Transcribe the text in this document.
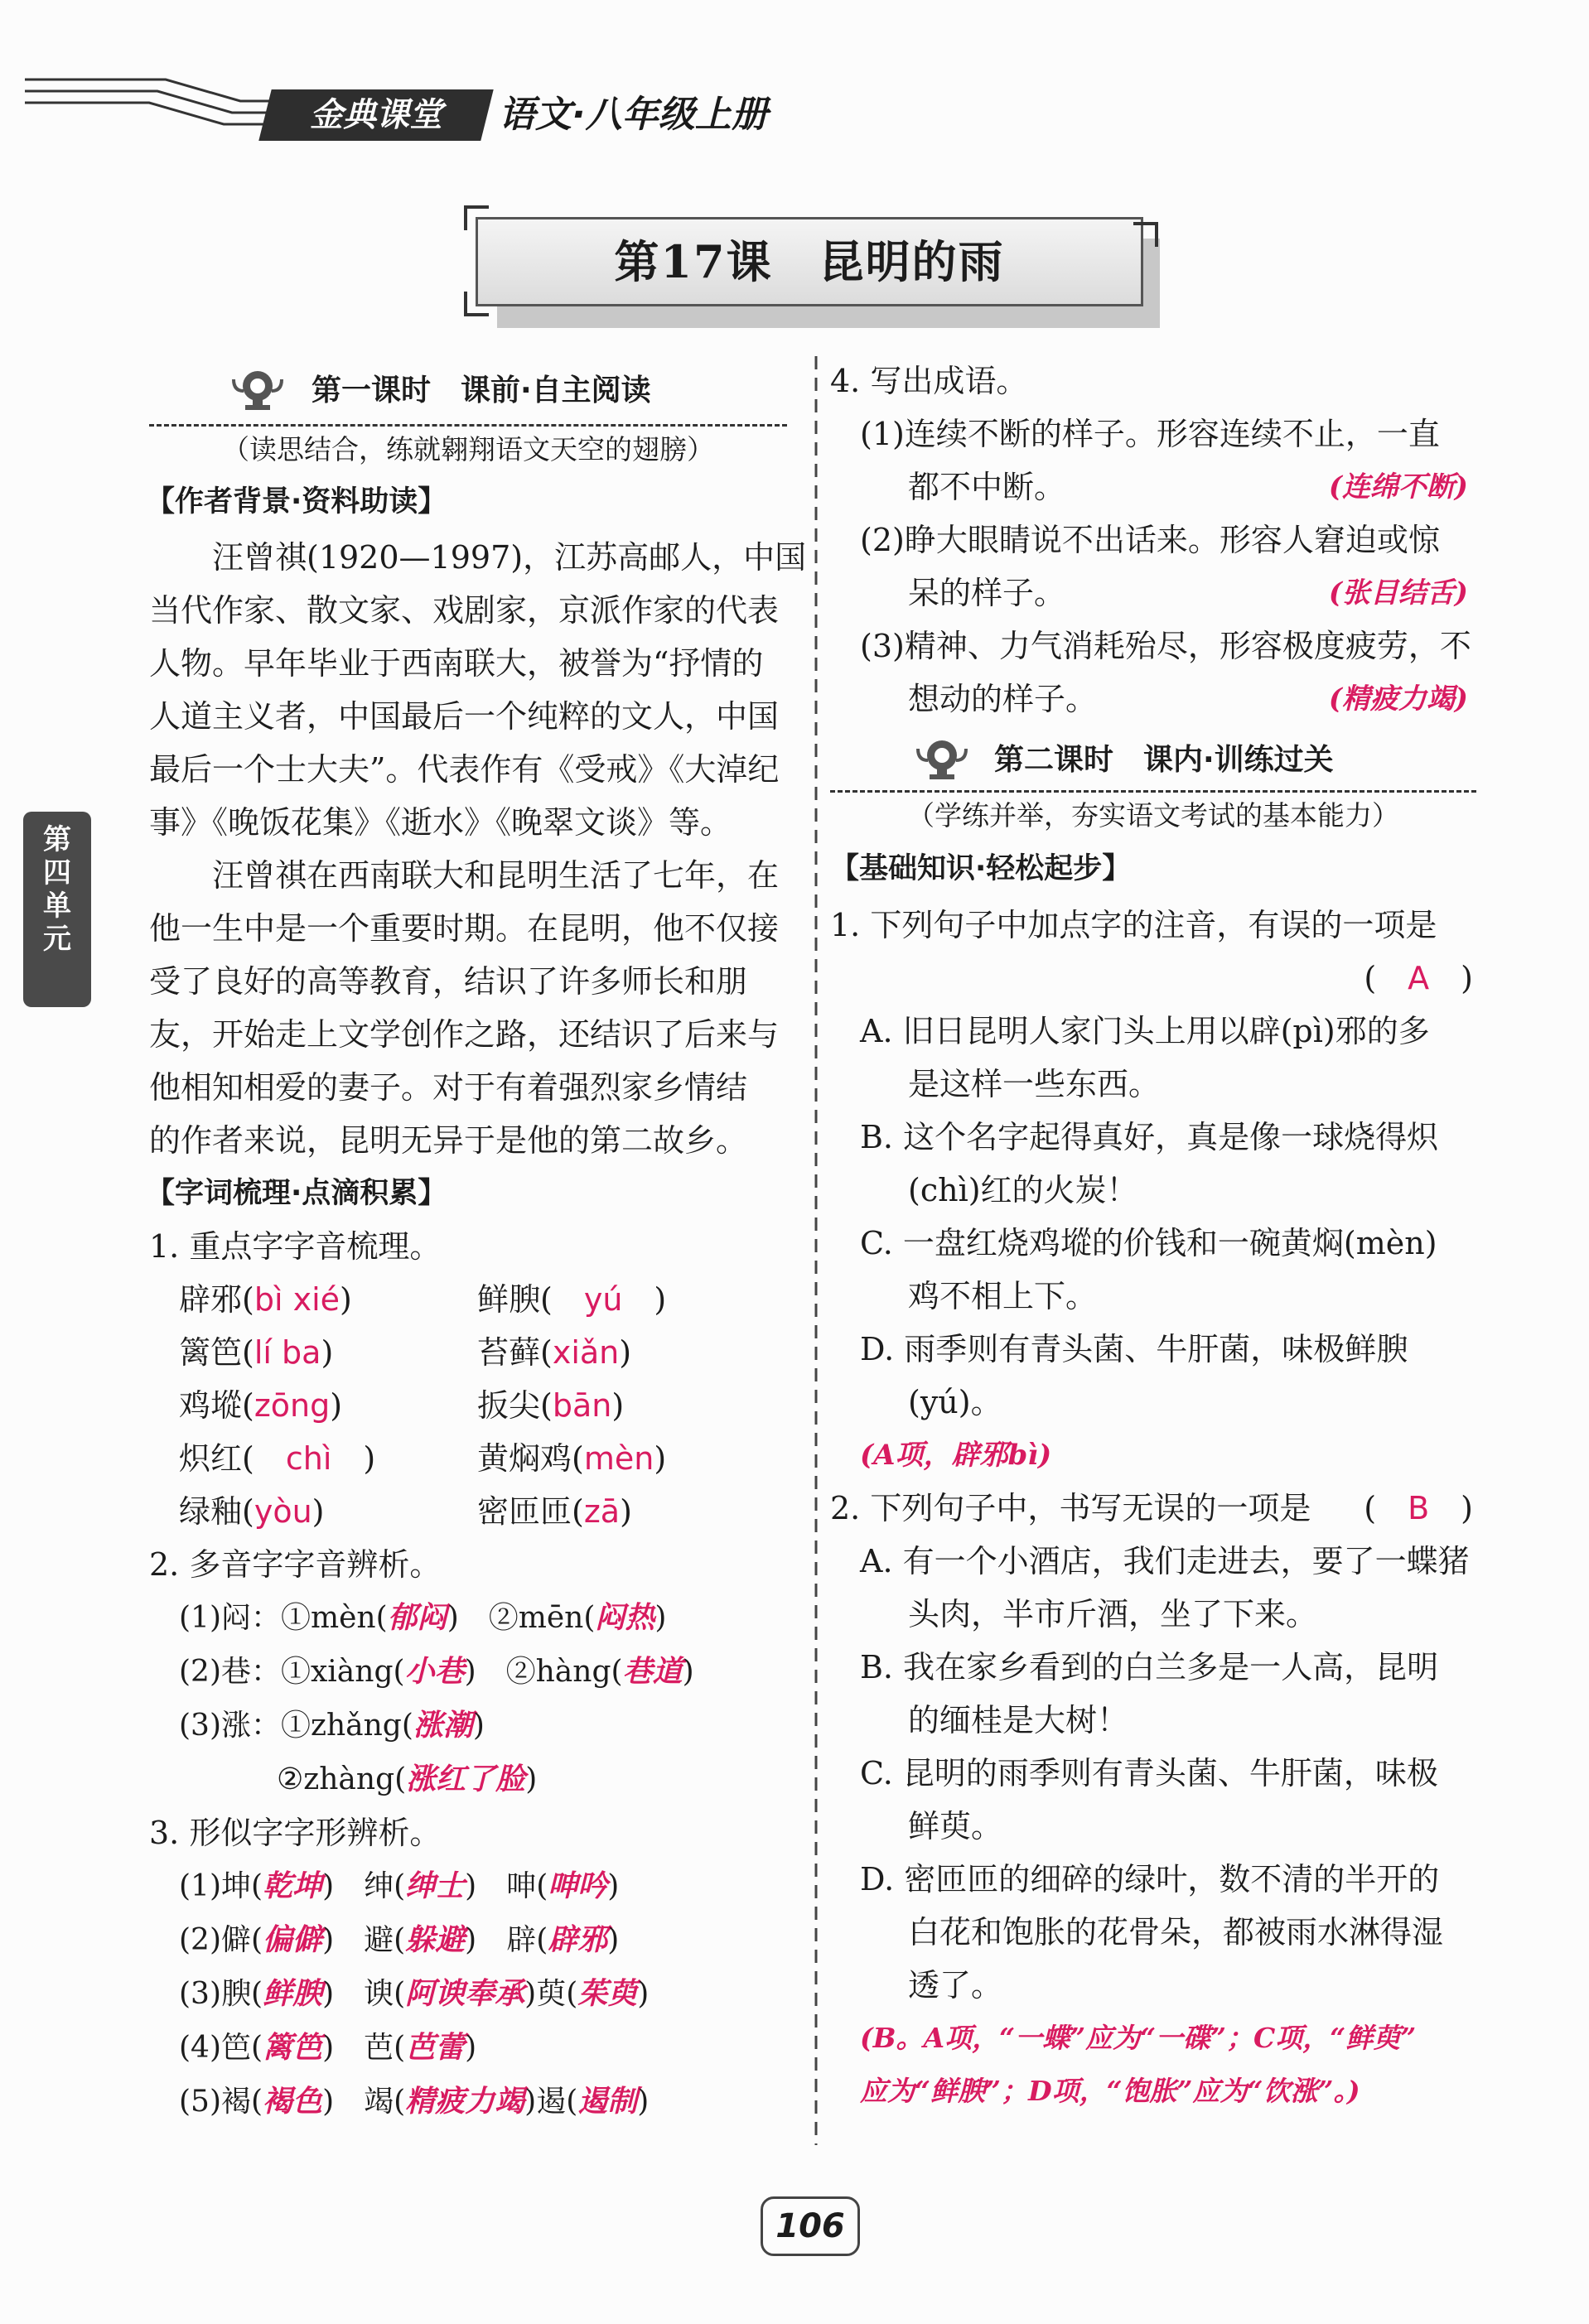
金典课堂	语文·八年级上册
第17课　昆明的雨
第
四
单
元
第一课时　课前·自主阅读
（读思结合，练就翱翔语文天空的翅膀）
【作者背景·资料助读】
汪曾祺(1920—1997)，江苏高邮人，中国
当代作家、散文家、戏剧家，京派作家的代表
人物。早年毕业于西南联大，被誉为“抒情的
人道主义者，中国最后一个纯粹的文人，中国
最后一个士大夫”。代表作有《受戒》《大淖纪
事》《晚饭花集》《逝水》《晚翠文谈》等。
汪曾祺在西南联大和昆明生活了七年，在
他一生中是一个重要时期。在昆明，他不仅接
受了良好的高等教育，结识了许多师长和朋
友，开始走上文学创作之路，还结识了后来与
他相知相爱的妻子。对于有着强烈家乡情结
的作者来说，昆明无异于是他的第二故乡。
【字词梳理·点滴积累】
1. 重点字字音梳理。
辟邪(bì xié)	鲜腴(　yú　)
篱笆(lí ba)	苔藓(xiǎn)
鸡㙡(zōng)	扳尖(bān)
炽红(　chì　)	黄焖鸡(mèn)
绿釉(yòu)	密匝匝(zā)
2. 多音字字音辨析。
(1)闷：①mèn(郁闷)　②mēn(闷热)
(2)巷：①xiàng(小巷)　②hàng(巷道)
(3)涨：①zhǎng(涨潮)
②zhàng(涨红了脸)
3. 形似字字形辨析。
(1)坤(乾坤)　绅(绅士)　呻(呻吟)
(2)僻(偏僻)　避(躲避)　辟(辟邪)
(3)腴(鲜腴)　谀(阿谀奉承)萸(茱萸)
(4)笆(篱笆)　芭(芭蕾)
(5)褐(褐色)　竭(精疲力竭)遏(遏制)
4. 写出成语。
(1)连续不断的样子。形容连续不止，一直
都不中断。	(连绵不断)
(2)睁大眼睛说不出话来。形容人窘迫或惊
呆的样子。	(张目结舌)
(3)精神、力气消耗殆尽，形容极度疲劳，不
想动的样子。	(精疲力竭)
第二课时　课内·训练过关
（学练并举，夯实语文考试的基本能力）
【基础知识·轻松起步】
1. 下列句子中加点字的注音，有误的一项是
(　 A　 )
A. 旧日昆明人家门头上用以辟(pì)邪的多
是这样一些东西。
B. 这个名字起得真好，真是像一球烧得炽
(chì)红的火炭！
C. 一盘红烧鸡㙡的价钱和一碗黄焖(mèn)
鸡不相上下。
D. 雨季则有青头菌、牛肝菌，味极鲜腴
(yú)。
(A项，辟邪bì)
2. 下列句子中，书写无误的一项是 (　 B　 )
A. 有一个小酒店，我们走进去，要了一蝶猪
头肉，半市斤酒，坐了下来。
B. 我在家乡看到的白兰多是一人高，昆明
的缅桂是大树！
C. 昆明的雨季则有青头菌、牛肝菌，味极
鲜萸。
D. 密匝匝的细碎的绿叶，数不清的半开的
白花和饱胀的花骨朵，都被雨水淋得湿
透了。
(B。A项，“一蝶”应为“一碟”；C项，“鲜萸”
应为“鲜腴”；D项，“饱胀”应为“饮涨”。)
106
